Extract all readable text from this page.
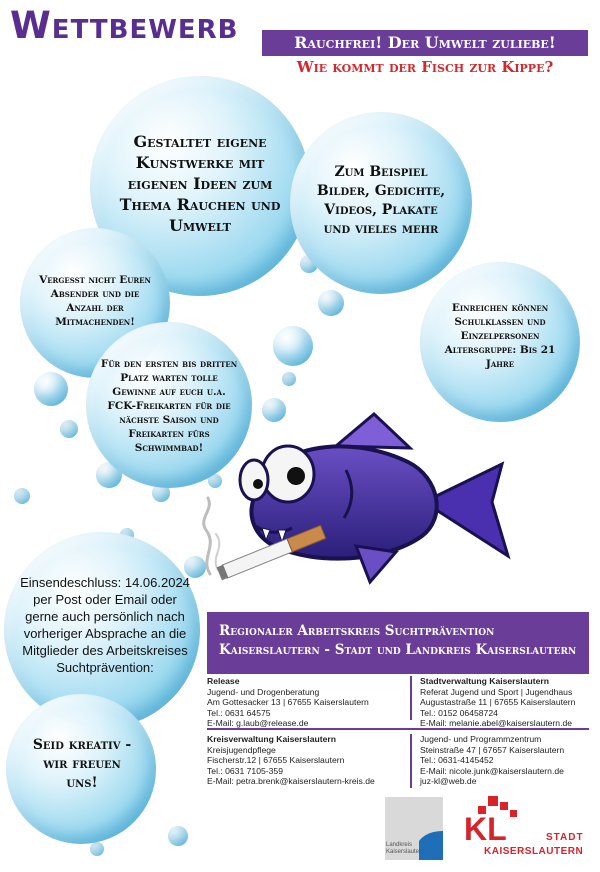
Wettbewerb	Rauchfrei! Der Umwelt zuliebe!
Wie kommt der Fisch zur Kippe?
Gestaltet eigene Kunstwerke mit eigenen Ideen zum Thema Rauchen und Umwelt
Zum Beispiel Bilder, Gedichte, Videos, Plakate und vieles mehr
Vergesst nicht Euren Absender und die Anzahl der Mitmachenden!
Für den ersten bis dritten Platz warten tolle Gewinne auf euch u.a. FCK-Freikarten für die nächste Saison und Freikarten fürs Schwimmbad!
Einreichen können Schulklassen und Einzelpersonen Altersgruppe: Bis 21 Jahre
Einsendeschluss: 14.06.2024 per Post oder Email oder gerne auch persönlich nach vorheriger Absprache an die Mitglieder des Arbeitskreises Suchtprävention:
Seid kreativ - wir freuen uns!
Regionaler Arbeitskreis Suchtprävention
Kaiserslautern - Stadt und Landkreis Kaiserslautern
Release
Jugend- und Drogenberatung
Am Gottesacker 13 | 67655 Kaiserslautern
Tel.: 0631 64575
E-Mail: g.laub@release.de
Stadtverwaltung Kaiserslautern
Referat Jugend und Sport | Jugendhaus
Augustastraße 11 | 67655 Kaiserslautern
Tel.: 0152 06458724
E-Mail: melanie.abel@kaiserslautern.de
Kreisverwaltung Kaiserslautern
Kreisjugendpflege
Fischerstr.12 | 67655 Kaiserslautern
Tel.: 0631 7105-359
E-Mail: petra.brenk@kaiserslautern-kreis.de
Jugend- und Programmzentrum
Steinstraße 47 | 67657 Kaiserslautern
Tel.: 0631-4145452
E-Mail: nicole.junk@kaiserslautern.de
juz-kl@web.de
Landkreis
Kaiserslautern
KL	STADT
KAISERSLAUTERN
